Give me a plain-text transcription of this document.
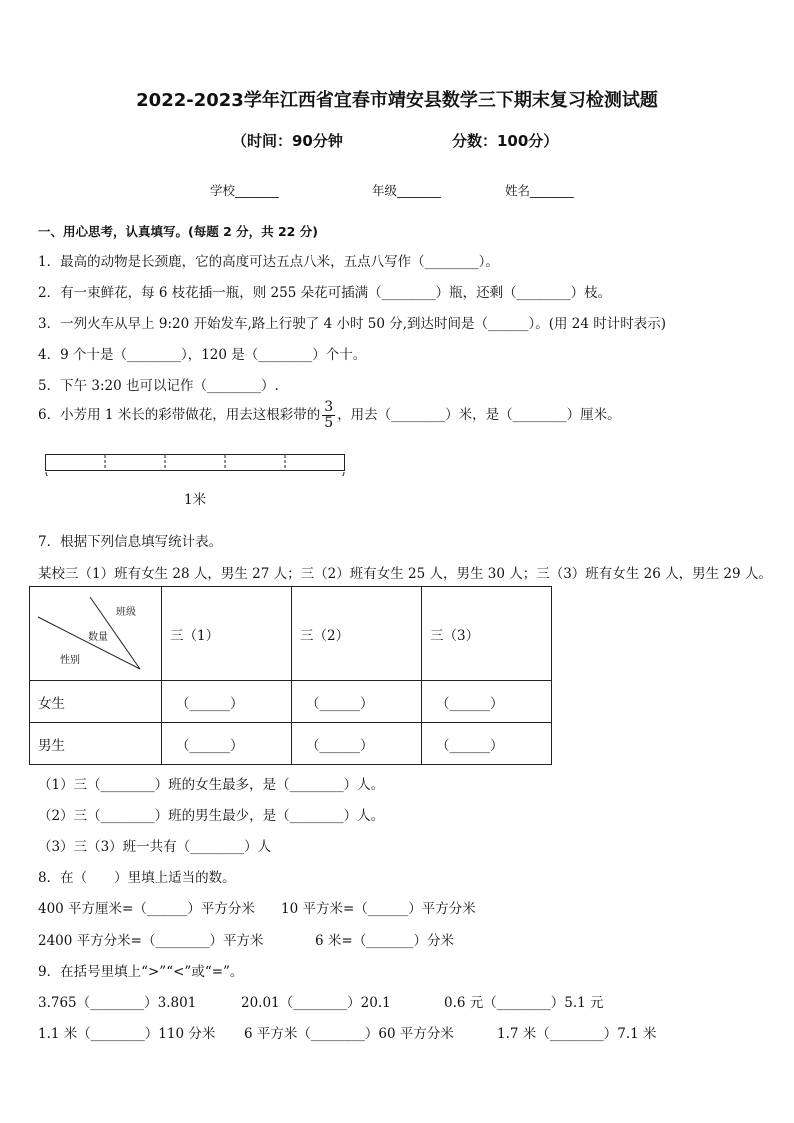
2022-2023学年江西省宜春市靖安县数学三下期末复习检测试题
（时间：90分钟	分数：100分）
学校_______	年级_______	姓名_______
一、用心思考，认真填写。(每题 2 分，共 22 分)
1．最高的动物是长颈鹿，它的高度可达五点八米，五点八写作（________）。
2．有一束鲜花，每 6 枝花插一瓶，则 255 朵花可插满（________）瓶，还剩（________）枝。
3．一列火车从早上 9:20 开始发车,路上行驶了 4 小时 50 分,到达时间是（______）。(用 24 时计时表示)
4．9 个十是（________），120 是（________）个十。
5．下午 3:20 也可以记作（________）.
6．小芳用 1 米长的彩带做花，用去这根彩带的 $\frac{3}{5}$ ，用去（________）米，是（________）厘米。
1米
7．根据下列信息填写统计表。
某校三（1）班有女生 28 人，男生 27 人；三（2）班有女生 25 人，男生 30 人；三（3）班有女生 26 人，男生 29 人。
班级
数量
性别	三（1）	三（2）	三（3）
女生	（______）	（______）	（______）
男生	（______）	（______）	（______）
（1）三（________）班的女生最多，是（________）人。
（2）三（________）班的男生最少，是（________）人。
（3）三（3）班一共有（________）人
8．在（　　）里填上适当的数。
400 平方厘米=（______）平方分米 10 平方米=（______）平方分米
2400 平方分米=（________）平方米	6 米=（_______）分米
9．在括号里填上“>”“<”或“=”。
3.765（________）3.801	20.01（________）20.1	0.6 元（________）5.1 元
1.1 米（________）110 分米 6 平方米（________）60 平方分米	1.7 米（________）7.1 米
